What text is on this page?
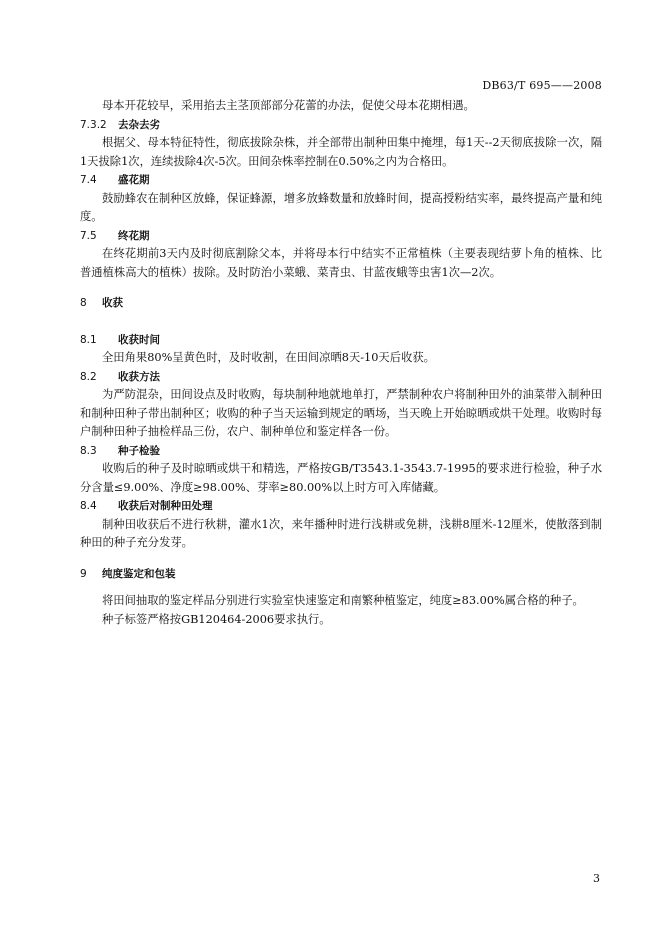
DB63/T 695——2008

母本开花较早，采用掐去主茎顶部部分花蕾的办法，促使父母本花期相遇。

7.3.2 去杂去劣

根据父、母本特征特性，彻底拔除杂株，并全部带出制种田集中掩埋，每1天--2天彻底拔除一次，隔1天拔除1次，连续拔除4次-5次。田间杂株率控制在0.50%之内为合格田。

7.4 盛花期

鼓励蜂农在制种区放蜂，保证蜂源，增多放蜂数量和放蜂时间，提高授粉结实率，最终提高产量和纯度。

7.5 终花期

在终花期前3天内及时彻底割除父本，并将母本行中结实不正常植株（主要表现结萝卜角的植株、比普通植株高大的植株）拔除。及时防治小菜蛾、菜青虫、甘蓝夜蛾等虫害1次—2次。

8 收获
8.1 收获时间

全田角果80%呈黄色时，及时收割，在田间凉晒8天-10天后收获。

8.2 收获方法

为严防混杂，田间设点及时收购，每块制种地就地单打，严禁制种农户将制种田外的油菜带入制种田和制种田种子带出制种区；收购的种子当天运输到规定的晒场，当天晚上开始晾晒或烘干处理。收购时每户制种田种子抽检样品三份，农户、制种单位和鉴定样各一份。

8.3 种子检验

收购后的种子及时晾晒或烘干和精选，严格按GB/T3543.1-3543.7-1995的要求进行检验，种子水分含量≤9.00%、净度≥98.00%、芽率≥80.00%以上时方可入库储藏。

8.4 收获后对制种田处理

制种田收获后不进行秋耕，灌水1次，来年播种时进行浅耕或免耕，浅耕8厘米-12厘米，使散落到制种田的种子充分发芽。

9 纯度鉴定和包装

将田间抽取的鉴定样品分别进行实验室快速鉴定和南繁种植鉴定，纯度≥83.00%属合格的种子。

种子标签严格按GB120464-2006要求执行。

3
